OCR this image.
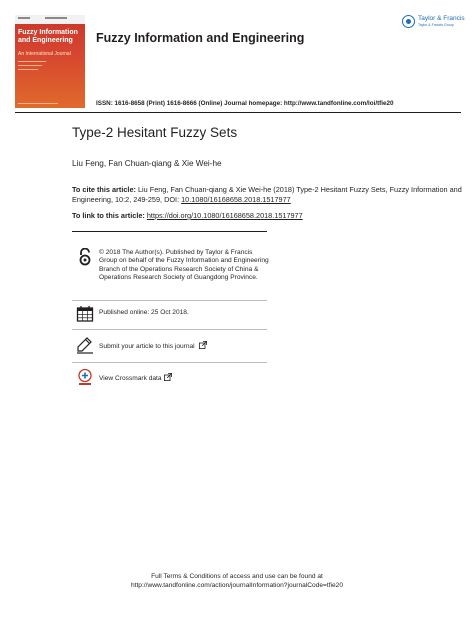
Fuzzy Information and Engineering
An International Journal
Fuzzy Information and Engineering
Taylor & Francis
Taylor & Francis Group
ISSN: 1616-8658 (Print) 1616-8666 (Online) Journal homepage: http://www.tandfonline.com/loi/tfie20
Type-2 Hesitant Fuzzy Sets
Liu Feng, Fan Chuan-qiang & Xie Wei-he
To cite this article: Liu Feng, Fan Chuan-qiang & Xie Wei-he (2018) Type-2 Hesitant Fuzzy Sets, Fuzzy Information and Engineering, 10:2, 249-259, DOI: 10.1080/16168658.2018.1517977
To link to this article: https://doi.org/10.1080/16168658.2018.1517977
© 2018 The Author(s). Published by Taylor & Francis Group on behalf of the Fuzzy Information and Engineering Branch of the Operations Research Society of China & Operations Research Society of Guangdong Province.
Published online: 25 Oct 2018.
Submit your article to this journal
View Crossmark data
Full Terms & Conditions of access and use can be found at
http://www.tandfonline.com/action/journalInformation?journalCode=tfie20
